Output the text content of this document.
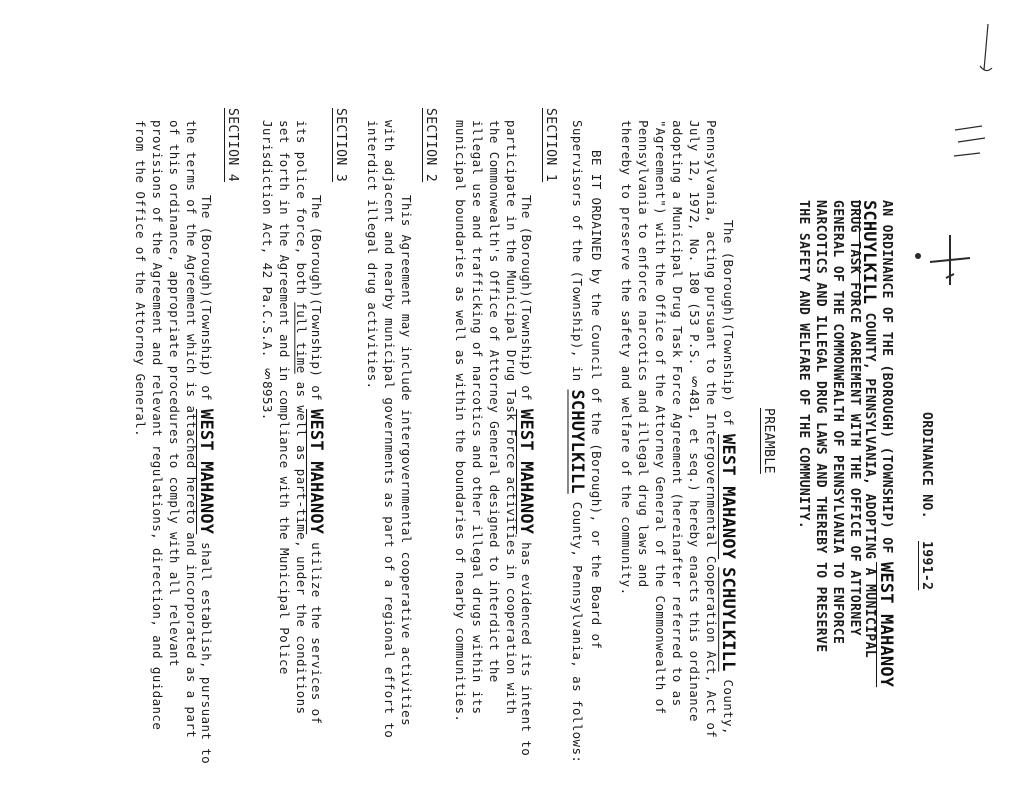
ORDINANCE NO. 1991-2
AN ORDINANCE OF THE (BOROUGH) (TOWNSHIP) OF WEST MAHANOY
SCHUYLKILL COUNTY, PENNSYLVANIA, ADOPTING A MUNICIPAL
DRUG TASK FORCE AGREEMENT WITH THE OFFICE OF ATTORNEY
GENERAL OF THE COMMONWEALTH OF PENNSYLVANIA TO ENFORCE
NARCOTICS AND ILLEGAL DRUG LAWS AND THEREBY TO PRESERVE
THE SAFETY AND WELFARE OF THE COMMUNITY.
PREAMBLE
The (Borough)(Township) of WEST MAHANOY SCHUYLKILL County,
Pennsylvania, acting pursuant to the Intergovernmental Cooperation Act, Act of
July 12, 1972, No. 180 (53 P.S. §481, et seq.) hereby enacts this ordinance
adopting a Municipal Drug Task Force Agreement (hereinafter referred to as
"Agreement") with the Office of the Attorney General of the Commonwealth of
Pennsylvania to enforce narcotics and illegal drug laws and
thereby to preserve the safety and welfare of the community.
BE IT ORDAINED by the Council of the (Borough), or the Board of
Supervisors of the (Township), in SCHUYLKILL County, Pennsylvania, as follows:
SECTION 1
The (Borough)(Township) of WEST MAHANOY has evidenced its intent to
participate in the Municipal Drug Task Force activities in cooperation with
the Commonwealth's Office of Attorney General designed to interdict the
illegal use and trafficking of narcotics and other illegal drugs within its
municipal boundaries as well as within the boundaries of nearby communities.
SECTION 2
This Agreement may include intergovernmental cooperative activities
with adjacent and nearby municipal governments as part of a regional effort to
interdict illegal drug activities.
SECTION 3
The (Borough)(Township) of WEST MAHANOY utilize the services of
its police force, both full time as well as part-time, under the conditions
set forth in the Agreement and in compliance with the Municipal Police
Jurisdiction Act, 42 Pa.C.S.A. §8953.
SECTION 4
The (Borough)(Township) of WEST MAHANOY shall establish, pursuant to
the terms of the Agreement which is attached hereto and incorporated as a part
of this ordinance, appropriate procedures to comply with all relevant
provisions of the Agreement and relevant regulations, direction, and guidance
from the Office of the Attorney General.
